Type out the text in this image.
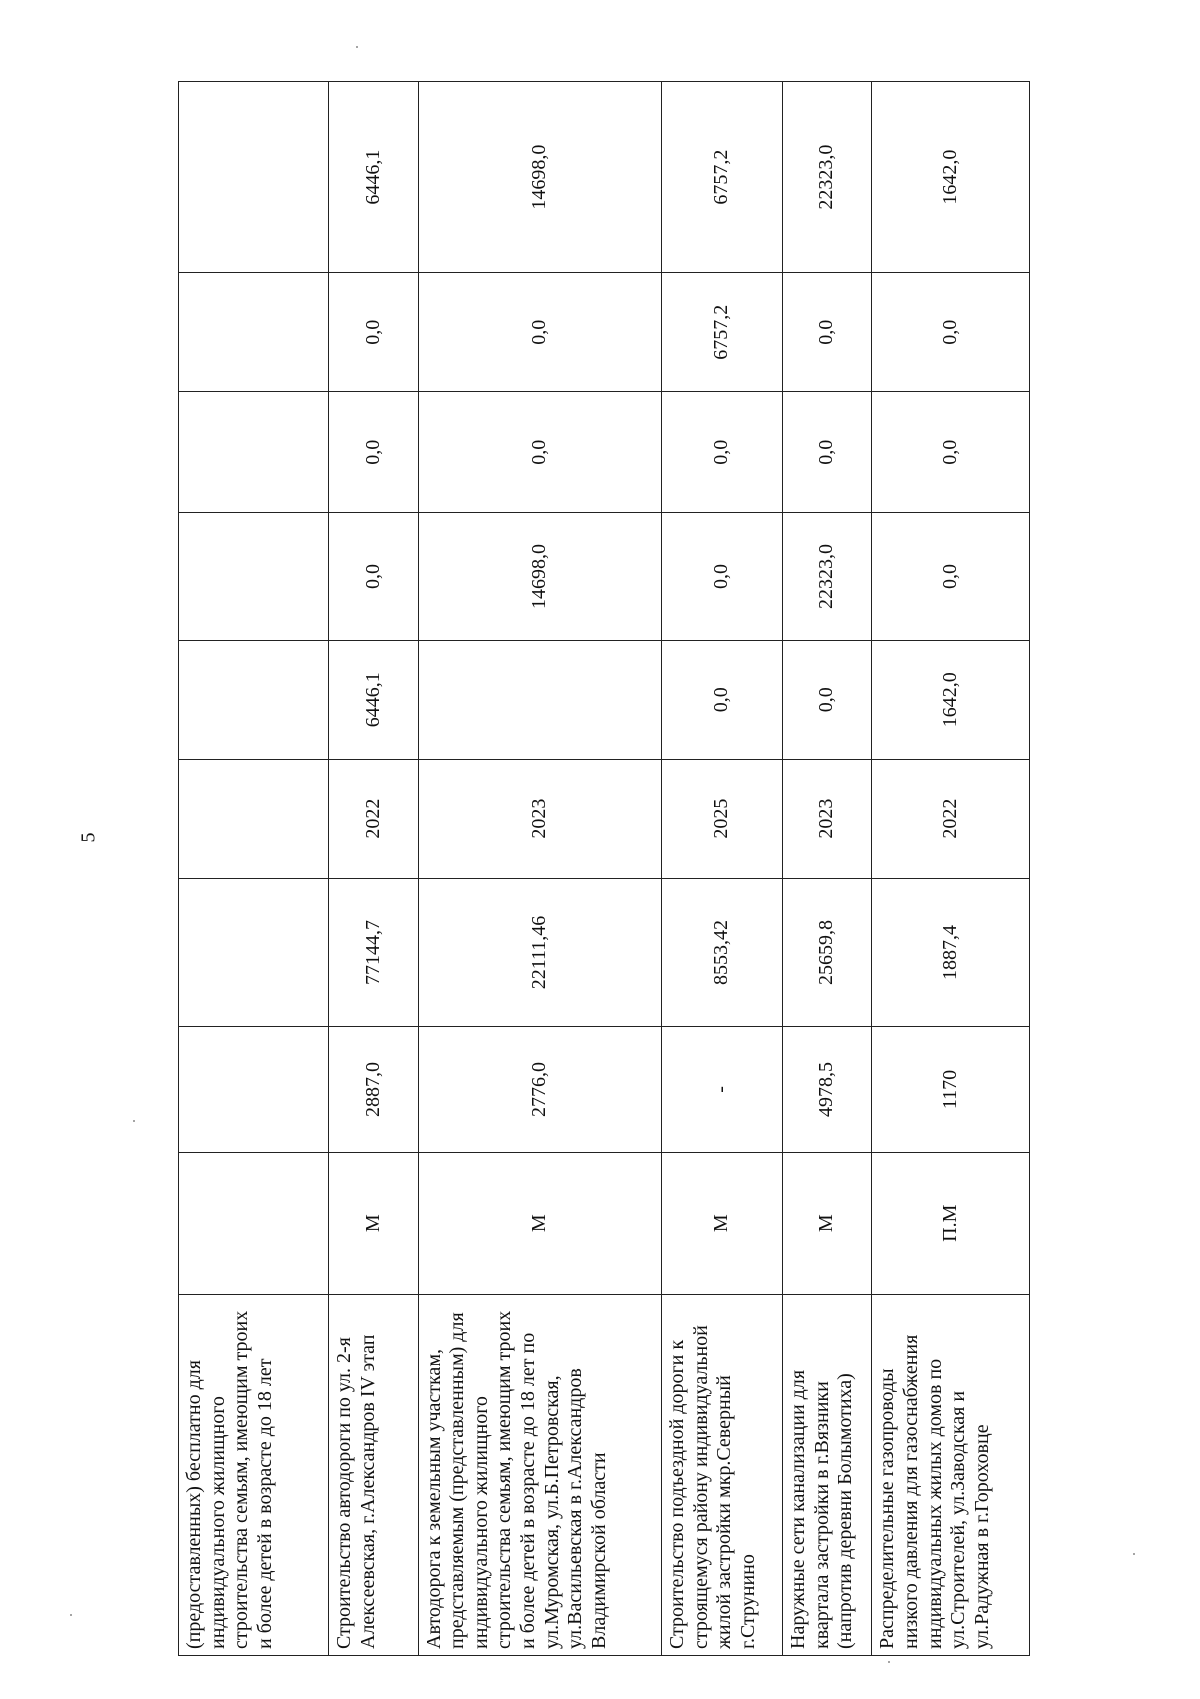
5
(предоставленных) бесплатно для индивидуального жилищного строительства семьям, имеющим троих и более детей в возрасте до 18 лет									
Строительство автодороги по ул. 2-я Алексеевская, г.Александров IV этап	М	2887,0	77144,7	2022	6446,1	0,0	0,0	0,0	6446,1
Автодорога к земельным участкам, представляемым (представленным) для индивидуального жилищного строительства семьям, имеющим троих и более детей в возрасте до 18 лет по ул.Муромская, ул.Б.Петровская, ул.Васильевская в г.Александров Владимирской области	М	2776,0	22111,46	2023		14698,0	0,0	0,0	14698,0
Строительство подъездной дороги к строящемуся району индивидуальной жилой застройки мкр.Северный г.Струнино	М	-	8553,42	2025	0,0	0,0	0,0	6757,2	6757,2
Наружные сети канализации для квартала застройки в г.Вязники (напротив деревни Болымотиха)	М	4978,5	25659,8	2023	0,0	22323,0	0,0	0,0	22323,0
Распределительные газопроводы низкого давления для газоснабжения индивидуальных жилых домов по ул.Строителей, ул.Заводская и ул.Радужная в г.Гороховце	П.М	1170	1887,4	2022	1642,0	0,0	0,0	0,0	1642,0
